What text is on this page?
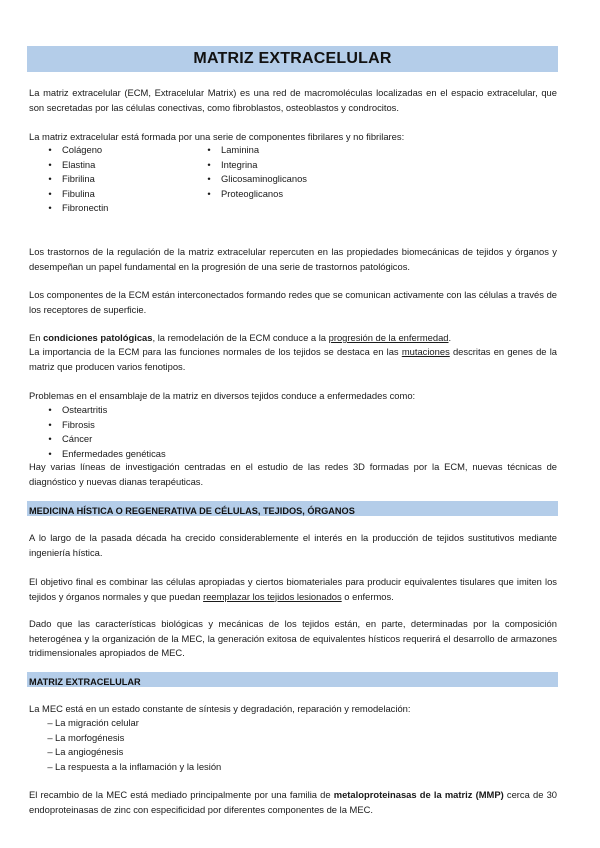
MATRIZ EXTRACELULAR
La matriz extracelular (ECM, Extracelular Matrix) es una red de macromoléculas localizadas en el espacio extracelular, que son secretadas por las células conectivas, como fibroblastos, osteoblastos y condrocitos.
La matriz extracelular está formada por una serie de componentes fibrilares y no fibrilares:
•	Colágeno
•	Elastina
•	Fibrilina
•	Fibulina
•	Fibronectin
•	Laminina
•	Integrina
•	Glicosaminoglicanos
•	Proteoglicanos
Los trastornos de la regulación de la matriz extracelular repercuten en las propiedades biomecánicas de tejidos y órganos y desempeñan un papel fundamental en la progresión de una serie de trastornos patológicos.
Los componentes de la ECM están interconectados formando redes que se comunican activamente con las células a través de los receptores de superficie.
En condiciones patológicas, la remodelación de la ECM conduce a la progresión de la enfermedad.
La importancia de la ECM para las funciones normales de los tejidos se destaca en las mutaciones descritas en genes de la matriz que producen varios fenotipos.
Problemas en el ensamblaje de la matriz en diversos tejidos conduce a enfermedades como:
•	Osteartritis
•	Fibrosis
•	Cáncer
•	Enfermedades genéticas
Hay varias líneas de investigación centradas en el estudio de las redes 3D formadas por la ECM, nuevas técnicas de diagnóstico y nuevas dianas terapéuticas.
MEDICINA HÍSTICA O REGENERATIVA DE CÉLULAS, TEJIDOS, ÓRGANOS
A lo largo de la pasada década ha crecido considerablemente el interés en la producción de tejidos sustitutivos mediante ingeniería hística.
El objetivo final es combinar las células apropiadas y ciertos biomateriales para producir equivalentes tisulares que imiten los tejidos y órganos normales y que puedan reemplazar los tejidos lesionados o enfermos.
Dado que las características biológicas y mecánicas de los tejidos están, en parte, determinadas por la composición heterogénea y la organización de la MEC, la generación exitosa de equivalentes hísticos requerirá el desarrollo de armazones tridimensionales apropiados de MEC.
MATRIZ EXTRACELULAR
La MEC está en un estado constante de síntesis y degradación, reparación y remodelación:
– La migración celular
– La morfogénesis
– La angiogénesis
– La respuesta a la inflamación y la lesión
El recambio de la MEC está mediado principalmente por una familia de metaloproteinasas de la matriz (MMP) cerca de 30 endoproteinasas de zinc con especificidad por diferentes componentes de la MEC.
